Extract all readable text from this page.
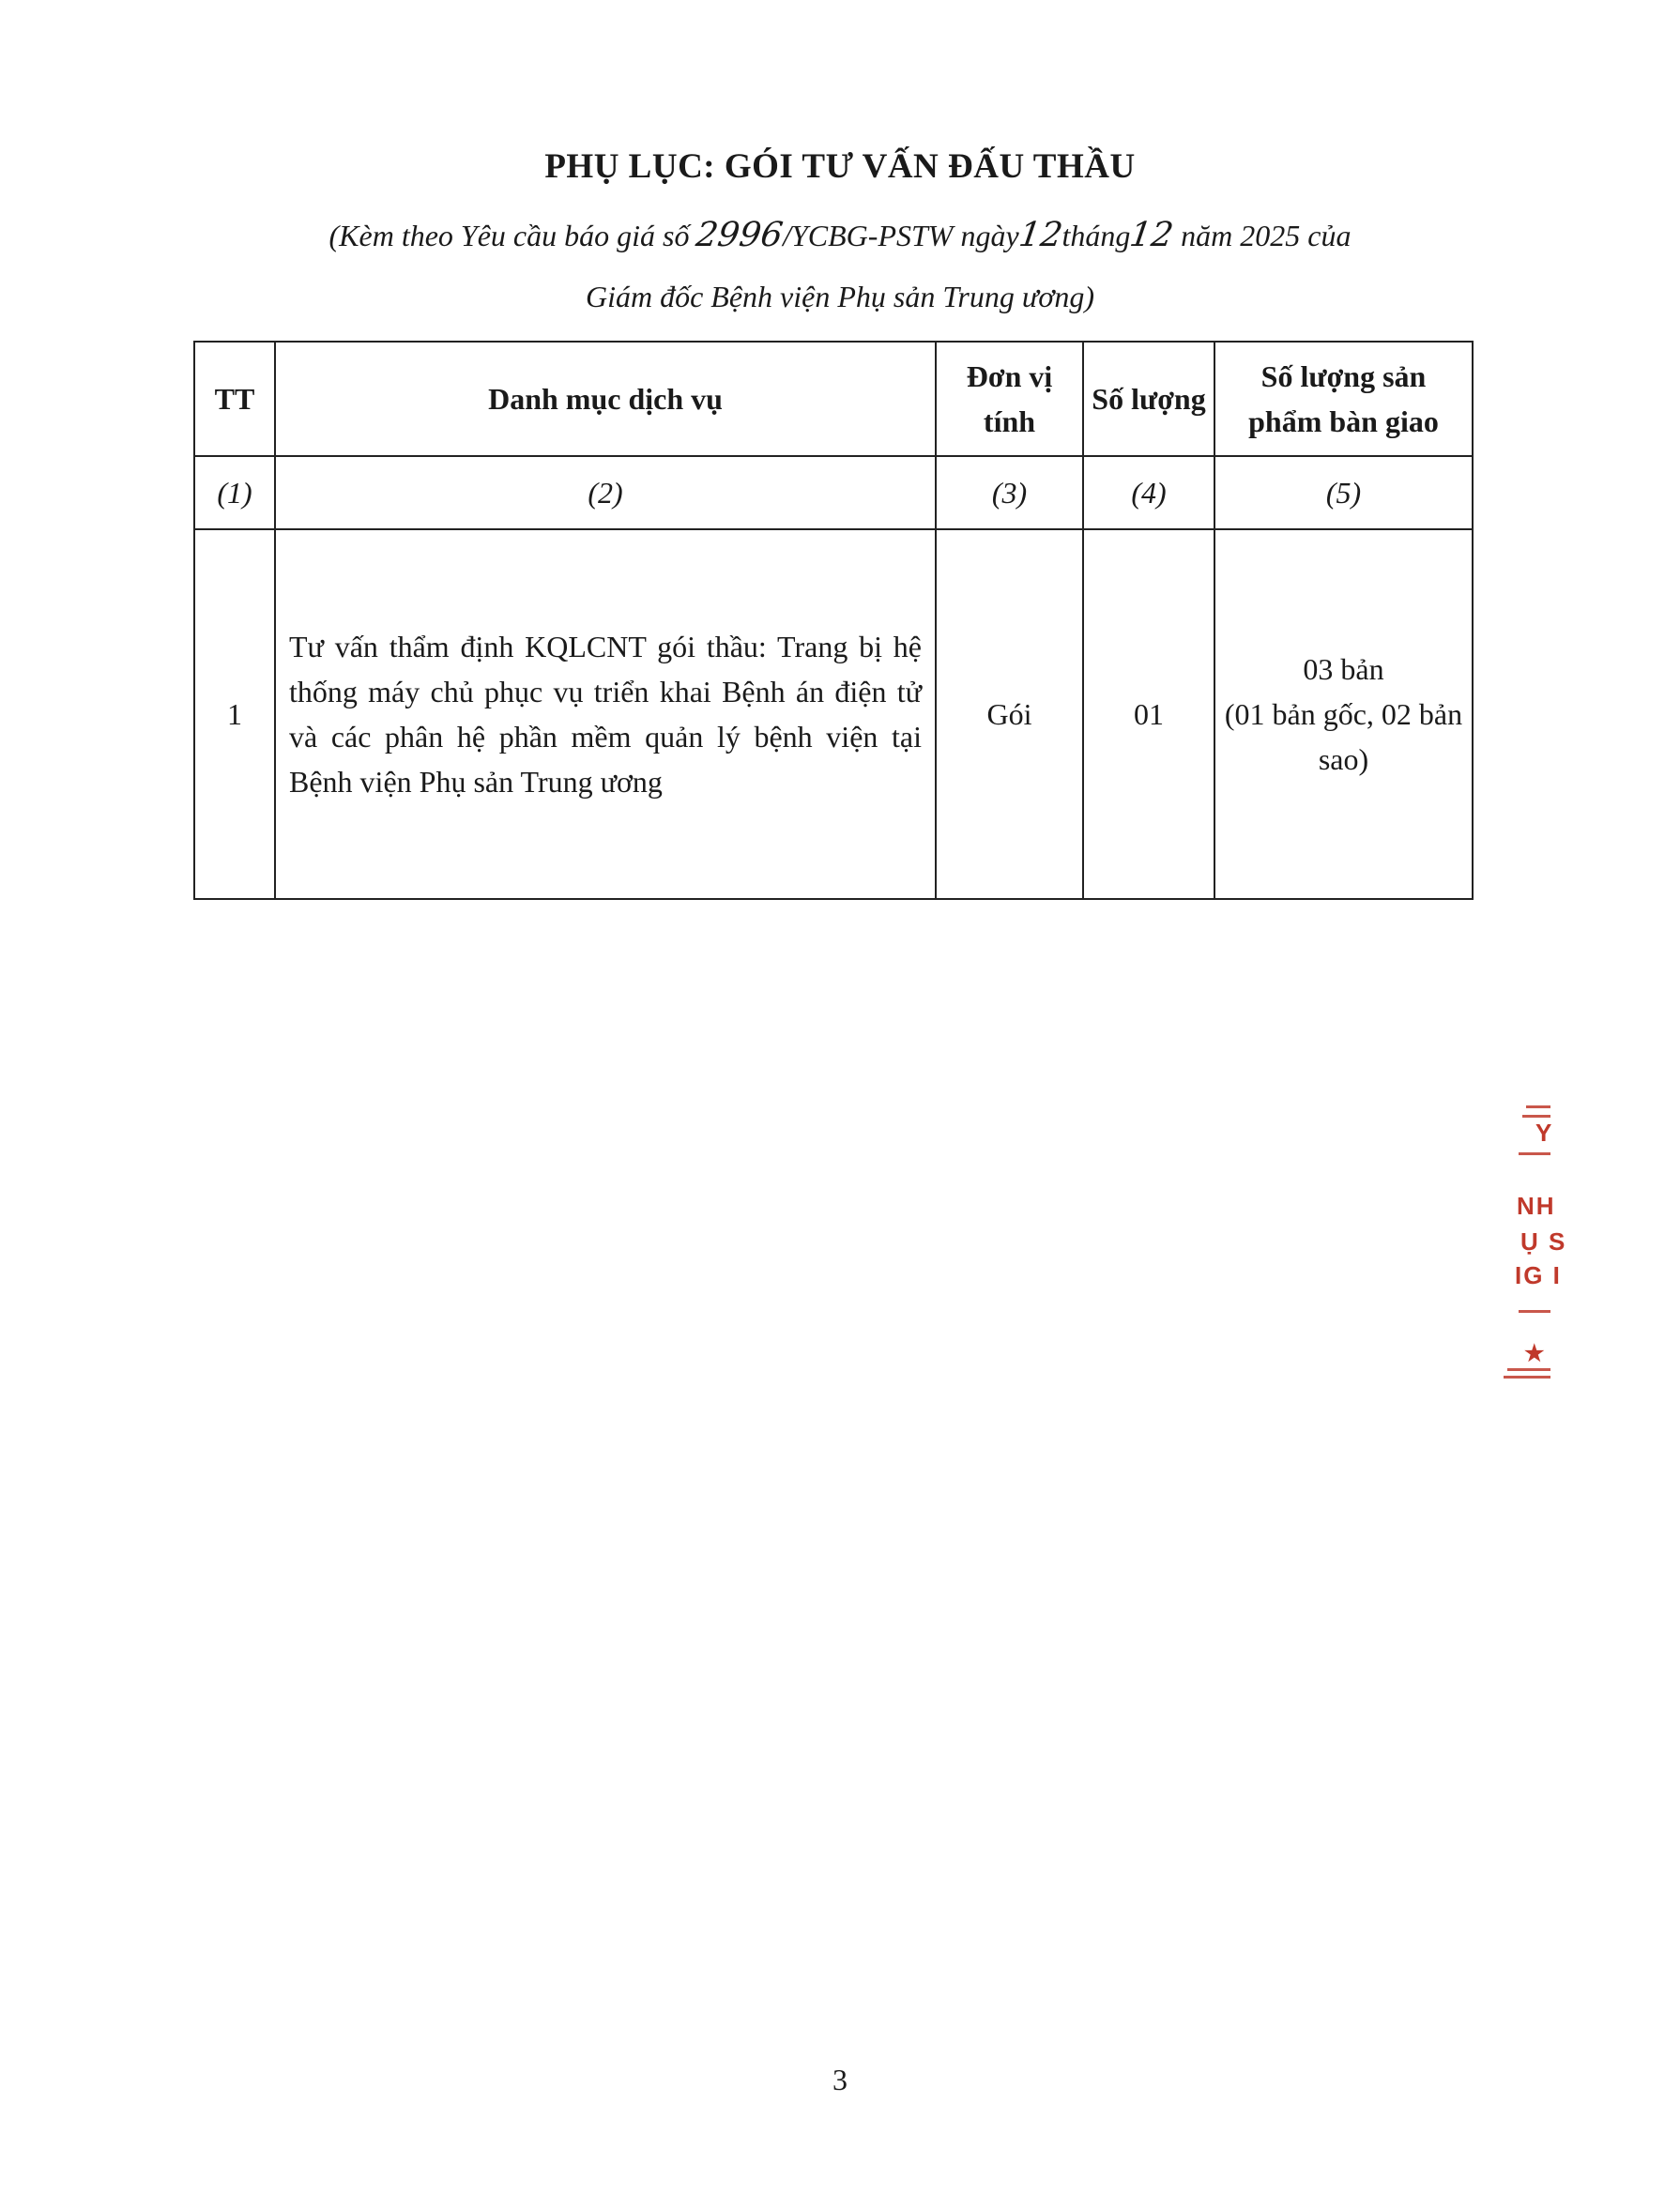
PHỤ LỤC: GÓI TƯ VẤN ĐẤU THẦU
(Kèm theo Yêu cầu báo giá số 2996/YCBG-PSTW ngày12tháng12 năm 2025 của
Giám đốc Bệnh viện Phụ sản Trung ương)
TT	Danh mục dịch vụ	Đơn vị tính	Số lượng	Số lượng sản phẩm bàn giao
(1)	(2)	(3)	(4)	(5)
1	Tư vấn thẩm định KQLCNT gói thầu: Trang bị hệ thống máy chủ phục vụ triển khai Bệnh án điện tử và các phân hệ phần mềm quản lý bệnh viện tại Bệnh viện Phụ sản Trung ương	Gói	01	03 bản
(01 bản gốc, 02 bản sao)
Y
NH
Ụ S
IG I
★
3
